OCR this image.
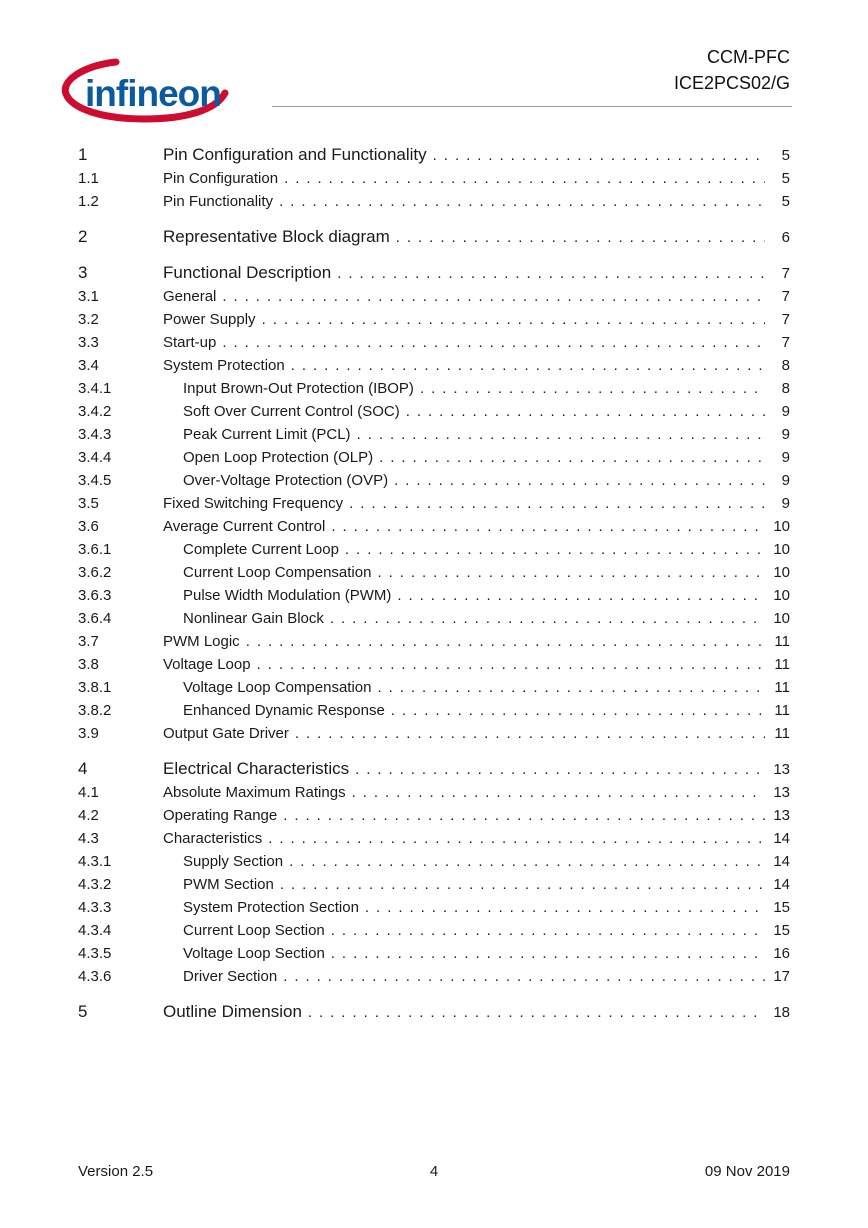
infineon
CCM-PFC
ICE2PCS02/G
1	Pin Configuration and Functionality . . .	5
1.1	Pin Configuration . . .	5
1.2	Pin Functionality . . .	5
2	Representative Block diagram . . .	6
3	Functional Description . . .	7
3.1	General . . .	7
3.2	Power Supply . . .	7
3.3	Start-up . . .	7
3.4	System Protection . . .	8
3.4.1	Input Brown-Out Protection (IBOP) . . .	8
3.4.2	Soft Over Current Control (SOC) . . .	9
3.4.3	Peak Current Limit (PCL) . . .	9
3.4.4	Open Loop Protection (OLP) . . .	9
3.4.5	Over-Voltage Protection (OVP) . . .	9
3.5	Fixed Switching Frequency . . .	9
3.6	Average Current Control . . .	10
3.6.1	Complete Current Loop . . .	10
3.6.2	Current Loop Compensation . . .	10
3.6.3	Pulse Width Modulation (PWM) . . .	10
3.6.4	Nonlinear Gain Block . . .	10
3.7	PWM Logic . . .	11
3.8	Voltage Loop . . .	11
3.8.1	Voltage Loop Compensation . . .	11
3.8.2	Enhanced Dynamic Response . . .	11
3.9	Output Gate Driver . . .	11
4	Electrical Characteristics . . .	13
4.1	Absolute Maximum Ratings . . .	13
4.2	Operating Range . . .	13
4.3	Characteristics . . .	14
4.3.1	Supply Section . . .	14
4.3.2	PWM Section . . .	14
4.3.3	System Protection Section . . .	15
4.3.4	Current Loop Section . . .	15
4.3.5	Voltage Loop Section . . .	16
4.3.6	Driver Section . . .	17
5	Outline Dimension . . .	18
Version 2.5	4	09 Nov 2019
